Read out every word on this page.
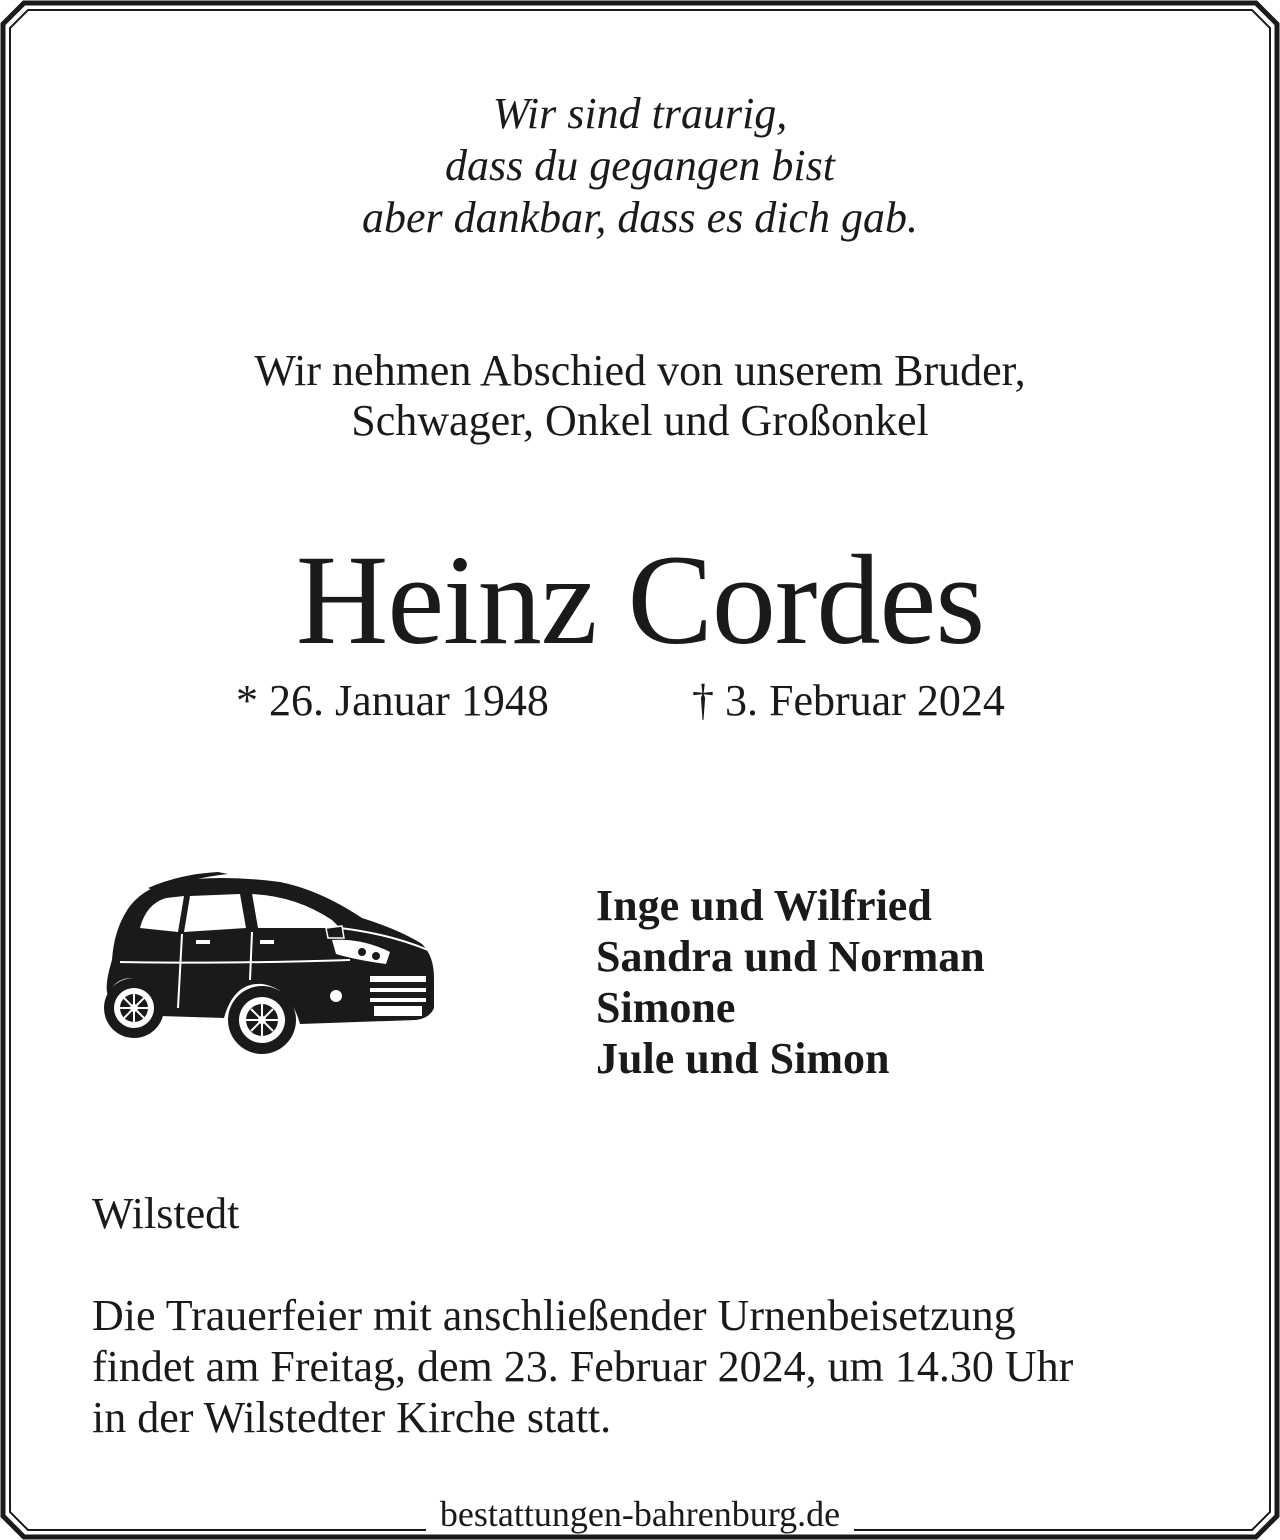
Wir sind traurig,
dass du gegangen bist
aber dankbar, dass es dich gab.
Wir nehmen Abschied von unserem Bruder,
Schwager, Onkel und Großonkel
Heinz Cordes
* 26. Januar 1948	† 3. Februar 2024
Inge und Wilfried
Sandra und Norman
Simone
Jule und Simon
Wilstedt
Die Trauerfeier mit anschließender Urnenbeisetzung
findet am Freitag, dem 23. Februar 2024, um 14.30 Uhr
in der Wilstedter Kirche statt.
bestattungen-bahrenburg.de
